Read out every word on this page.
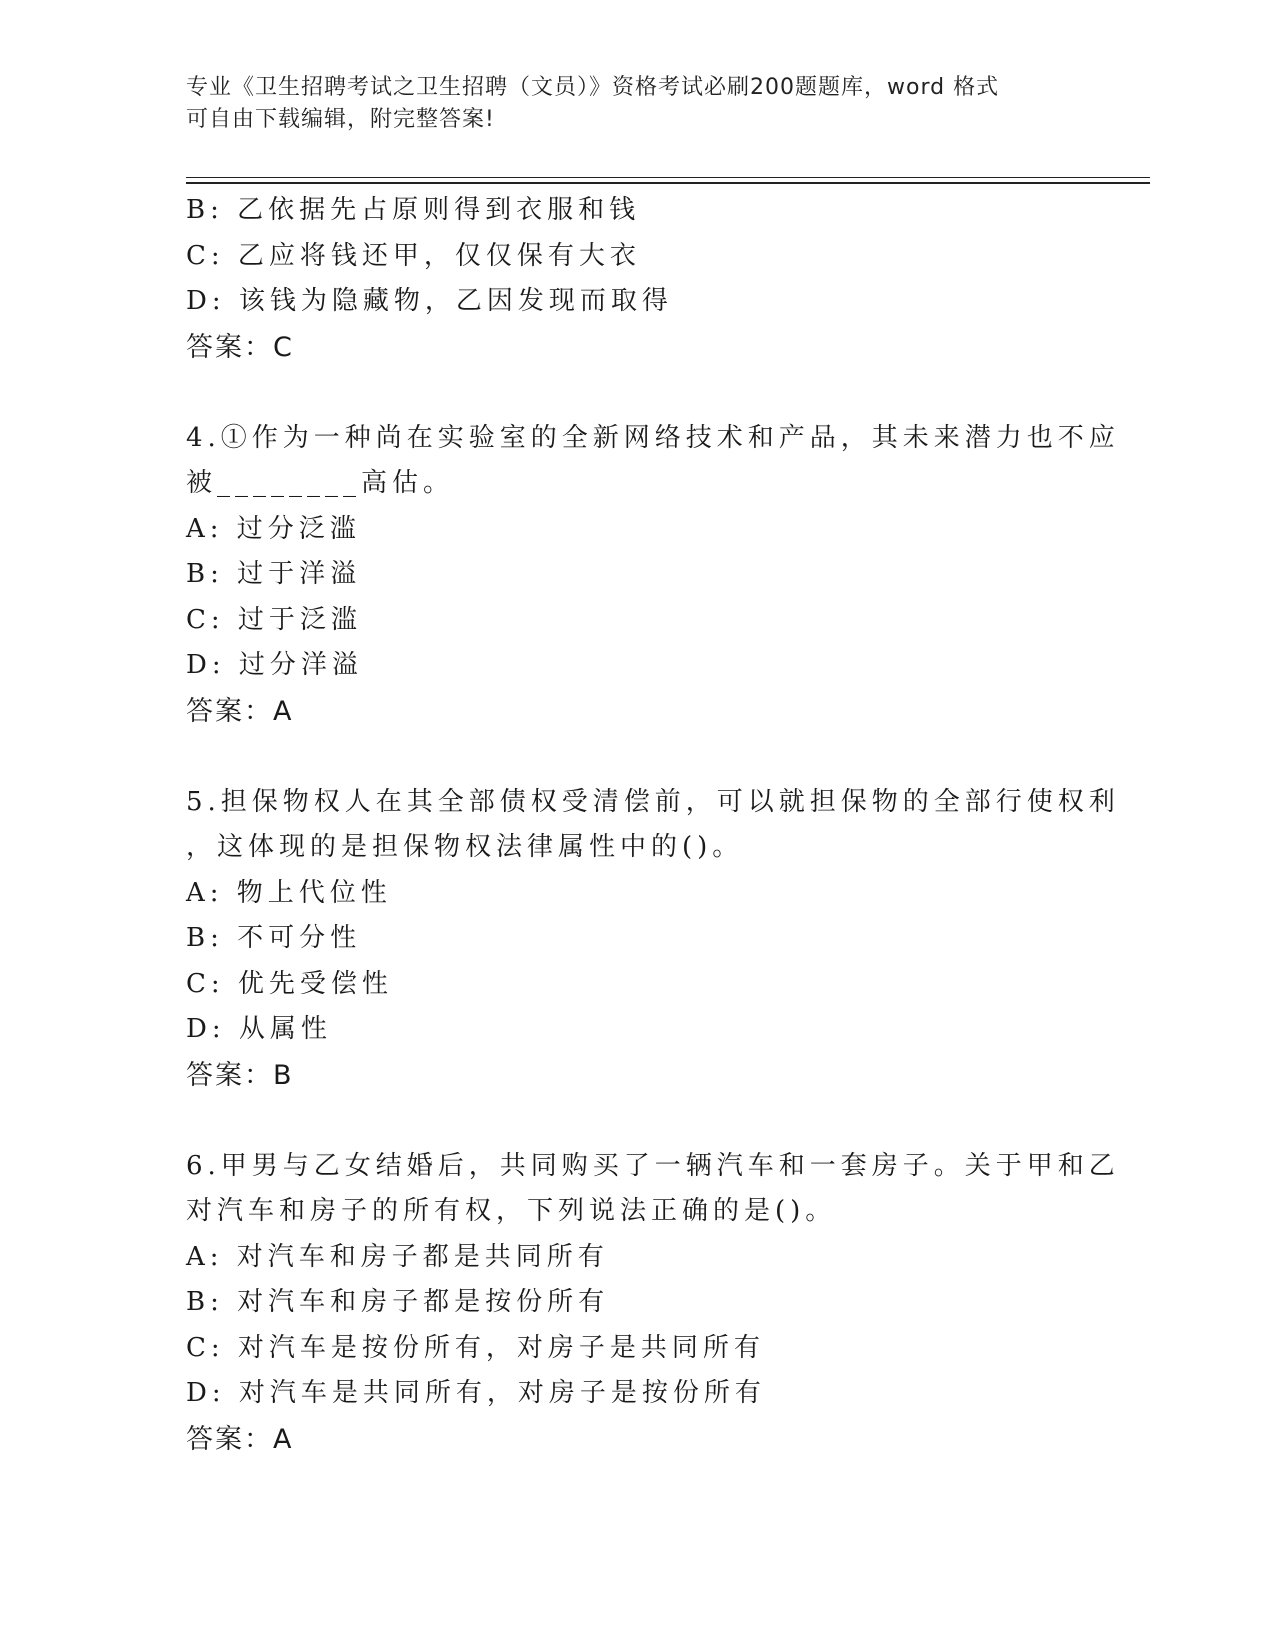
专业《卫生招聘考试之卫生招聘（文员）》资格考试必刷200题题库，word 格式
可自由下载编辑，附完整答案!
B: 乙依据先占原则得到衣服和钱
C: 乙应将钱还甲，仅仅保有大衣
D: 该钱为隐藏物，乙因发现而取得
答案：C
4.①作为一种尚在实验室的全新网络技术和产品，其未来潜力也不应
被________高估。
A: 过分泛滥
B: 过于洋溢
C: 过于泛滥
D: 过分洋溢
答案：A
5.担保物权人在其全部债权受清偿前，可以就担保物的全部行使权利
，这体现的是担保物权法律属性中的()。
A: 物上代位性
B: 不可分性
C: 优先受偿性
D: 从属性
答案：B
6.甲男与乙女结婚后，共同购买了一辆汽车和一套房子。关于甲和乙
对汽车和房子的所有权，下列说法正确的是()。
A: 对汽车和房子都是共同所有
B: 对汽车和房子都是按份所有
C: 对汽车是按份所有，对房子是共同所有
D: 对汽车是共同所有，对房子是按份所有
答案：A
